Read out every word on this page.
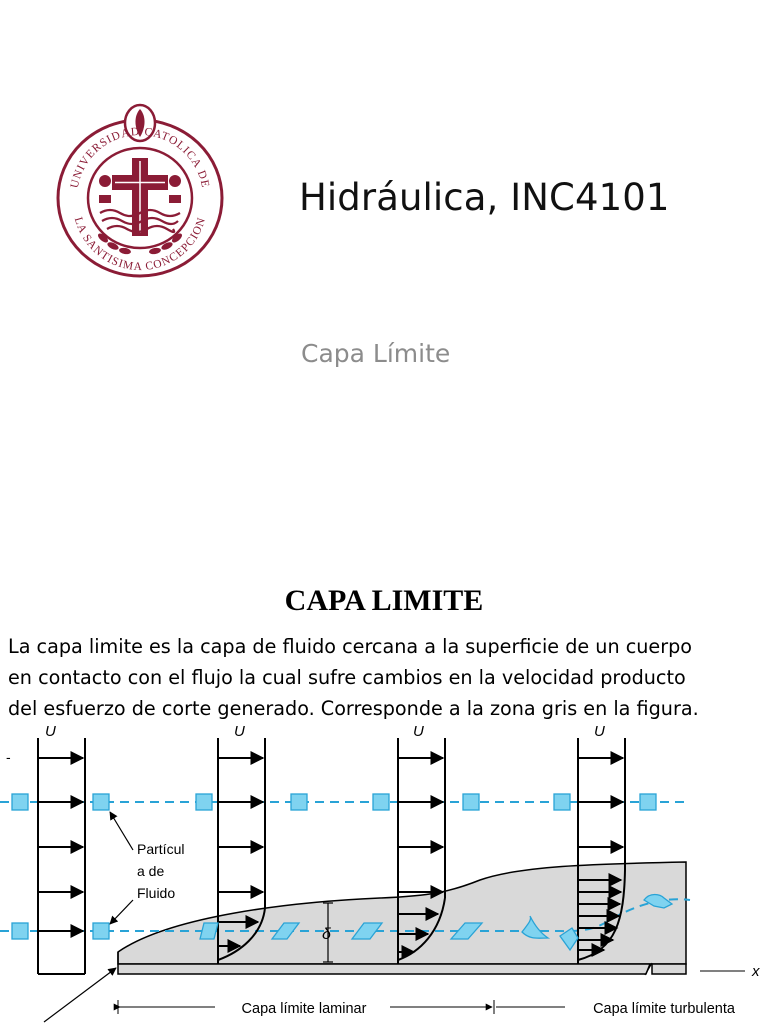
UNIVERSIDAD CATOLICA DE
LA SANTISIMA CONCEPCION
Hidráulica, INC4101
Capa Límite
CAPA LIMITE
La capa limite es la capa de fluido cercana a la superficie de un cuerpo
en contacto con el flujo la cual sufre cambios en la velocidad producto
del esfuerzo de corte generado. Corresponde a la zona gris en la figura.
x
U	U	U	U
Partícul
a de
Fluido
δ
Capa límite laminar	Capa límite turbulenta
-
